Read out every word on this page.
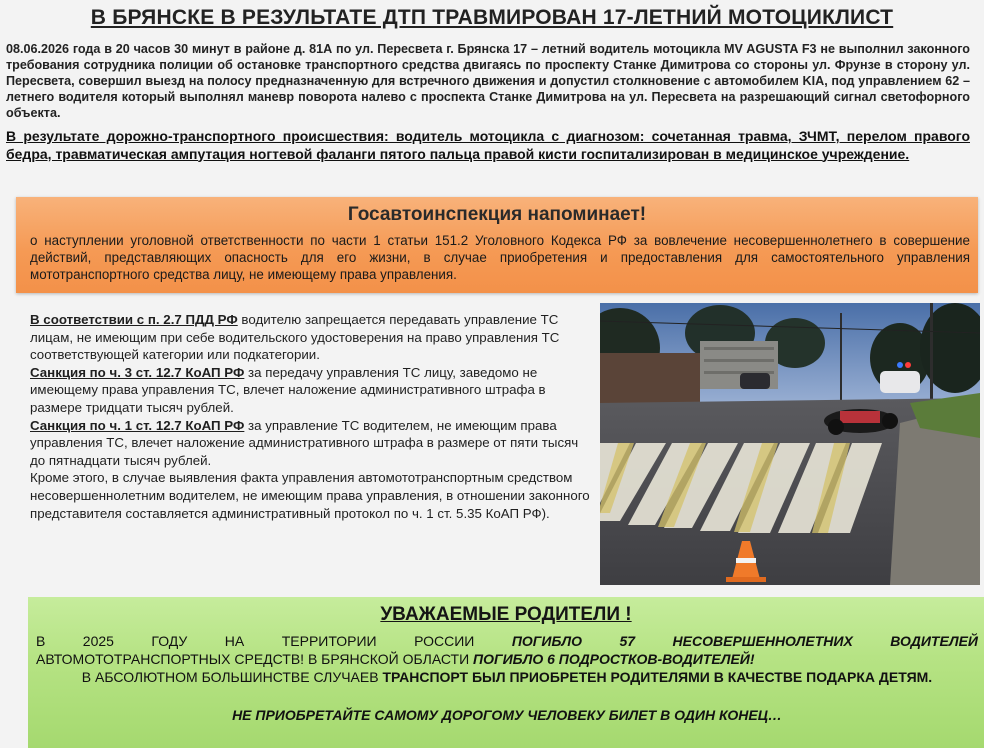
В БРЯНСКЕ В РЕЗУЛЬТАТЕ ДТП ТРАВМИРОВАН 17-ЛЕТНИЙ МОТОЦИКЛИСТ
08.06.2026 года в 20 часов 30 минут в районе д. 81А по ул. Пересвета г. Брянска 17 – летний водитель мотоцикла MV AGUSTA F3 не выполнил законного требования сотрудника полиции об остановке транспортного средства двигаясь по проспекту Станке Димитрова со стороны ул. Фрунзе в сторону ул. Пересвета, совершил выезд на полосу предназначенную для встречного движения и допустил столкновение с автомобилем KIA, под управлением 62 – летнего водителя который выполнял маневр поворота налево с проспекта Станке Димитрова на ул. Пересвета на разрешающий сигнал светофорного объекта.
В результате дорожно-транспортного происшествия: водитель мотоцикла с диагнозом: сочетанная травма, ЗЧМТ, перелом правого бедра, травматическая ампутация ногтевой фаланги пятого пальца правой кисти госпитализирован в медицинское учреждение.
Госавтоинспекция напоминает!
о наступлении уголовной ответственности по части 1 статьи 151.2 Уголовного Кодекса РФ за вовлечение несовершеннолетнего в совершение действий, представляющих опасность для его жизни, в случае приобретения и предоставления для самостоятельного управления мототранспортного средства лицу, не имеющему права управления.

В соответствии с п. 2.7 ПДД РФ водителю запрещается передавать управление ТС лицам, не имеющим при себе водительского удостоверения на право управления ТС соответствующей категории или подкатегории.

Санкция по ч. 3 ст. 12.7 КоАП РФ за передачу управления ТС лицу, заведомо не имеющему права управления ТС, влечет наложение административного штрафа в размере тридцати тысяч рублей.

Санкция по ч. 1 ст. 12.7 КоАП РФ за управление ТС водителем, не имеющим права управления ТС, влечет наложение административного штрафа в размере от пяти тысяч до пятнадцати тысяч рублей.

Кроме этого, в случае выявления факта управления автомототранспортным средством несовершеннолетним водителем, не имеющим права управления, в отношении законного представителя составляется административный протокол по ч. 1 ст. 5.35 КоАП РФ).

УВАЖАЕМЫЕ РОДИТЕЛИ !
В 2025 ГОДУ НА ТЕРРИТОРИИ РОССИИ ПОГИБЛО 57 НЕСОВЕРШЕННОЛЕТНИХ ВОДИТЕЛЕЙ
АВТОМОТОТРАНСПОРТНЫХ СРЕДСТВ! В БРЯНСКОЙ ОБЛАСТИ ПОГИБЛО 6 ПОДРОСТКОВ-ВОДИТЕЛЕЙ!
В АБСОЛЮТНОМ БОЛЬШИНСТВЕ СЛУЧАЕВ ТРАНСПОРТ БЫЛ ПРИОБРЕТЕН РОДИТЕЛЯМИ В КАЧЕСТВЕ ПОДАРКА ДЕТЯМ.
НЕ ПРИОБРЕТАЙТЕ САМОМУ ДОРОГОМУ ЧЕЛОВЕКУ БИЛЕТ В ОДИН КОНЕЦ…
